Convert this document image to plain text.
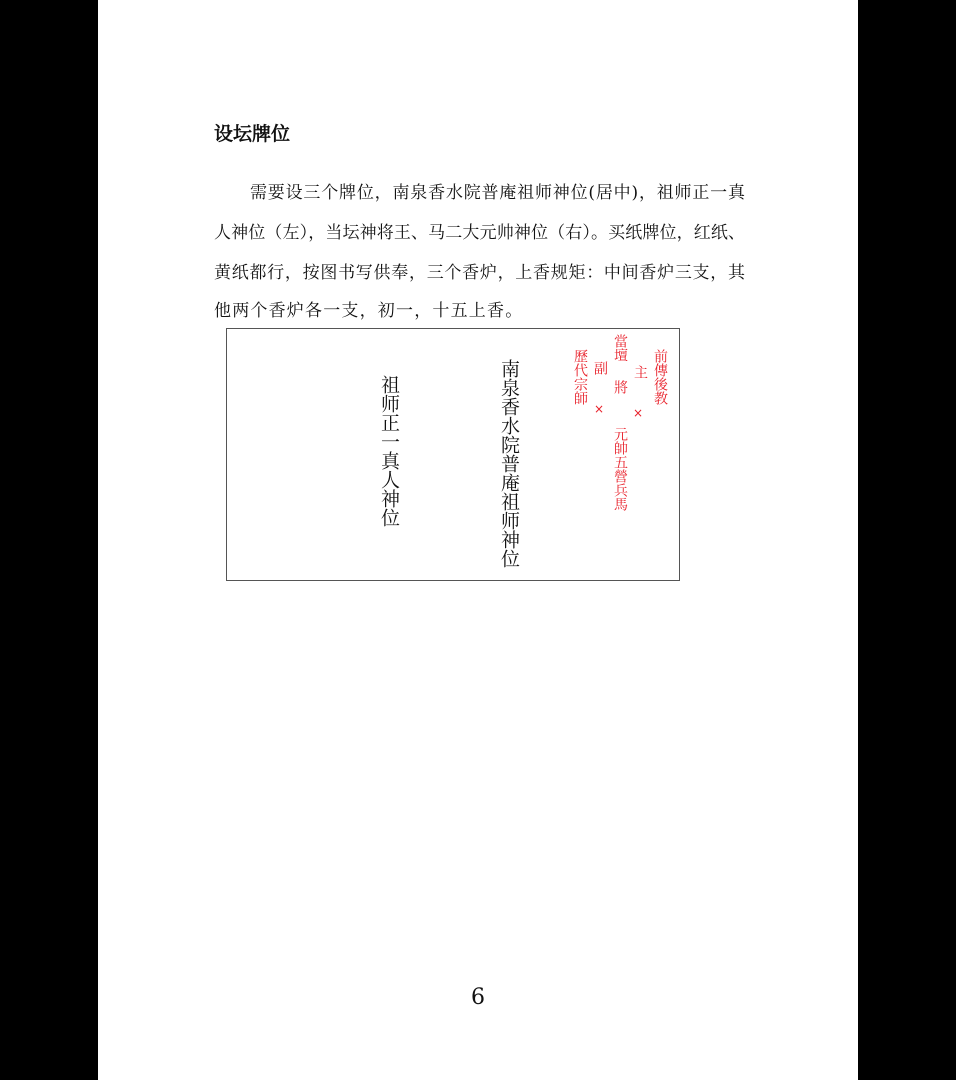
设坛牌位
需要设三个牌位，南泉香水院普庵祖师神位(居中)，祖师正一真
人神位（左），当坛神将王、马二大元帅神位（右）。买纸牌位，红纸、
黄纸都行，按图书写供奉，三个香炉，上香规矩：中间香炉三支，其
他两个香炉各一支，初一，十五上香。
祖师正一真人神位	南泉香水院普庵祖师神位	前傳後教
主
×
當壇
將
元帥五營兵馬
副
×
歷代宗師
6
